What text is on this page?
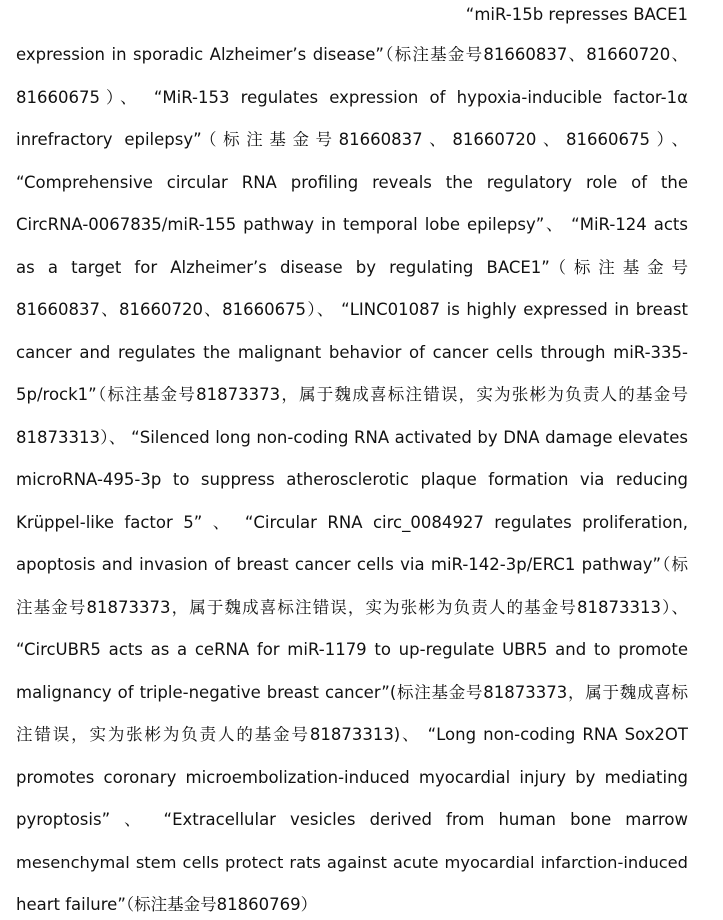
“miR-15b represses BACE1
expression in sporadic Alzheimer’s disease”（标注基金号81660837、81660720、
81660675）、 “MiR-153 regulates expression of hypoxia-inducible factor-1α
inrefractory epilepsy”（标注基金号81660837、81660720、81660675）、
“Comprehensive circular RNA profiling reveals the regulatory role of the
CircRNA-0067835/miR-155 pathway in temporal lobe epilepsy”、 “MiR-124 acts
as a target for Alzheimer’s disease by regulating BACE1”（标注基金号
81660837、81660720、81660675）、 “LINC01087 is highly expressed in breast
cancer and regulates the malignant behavior of cancer cells through miR-335-
5p/rock1”（标注基金号81873373，属于魏成喜标注错误，实为张彬为负责人的基金号
81873313）、 “Silenced long non-coding RNA activated by DNA damage elevates
microRNA-495-3p to suppress atherosclerotic plaque formation via reducing
Krüppel-like factor 5” 、 “Circular RNA circ_0084927 regulates proliferation,
apoptosis and invasion of breast cancer cells via miR-142-3p/ERC1 pathway”（标
注基金号81873373，属于魏成喜标注错误，实为张彬为负责人的基金号81873313）、
“CircUBR5 acts as a ceRNA for miR-1179 to up-regulate UBR5 and to promote
malignancy of triple-negative breast cancer”(标注基金号81873373，属于魏成喜标
注错误，实为张彬为负责人的基金号81873313)、 “Long non-coding RNA Sox2OT
promotes coronary microembolization-induced myocardial injury by mediating
pyroptosis” 、 “Extracellular vesicles derived from human bone marrow
mesenchymal stem cells protect rats against acute myocardial infarction-induced
heart failure”（标注基金号81860769）
